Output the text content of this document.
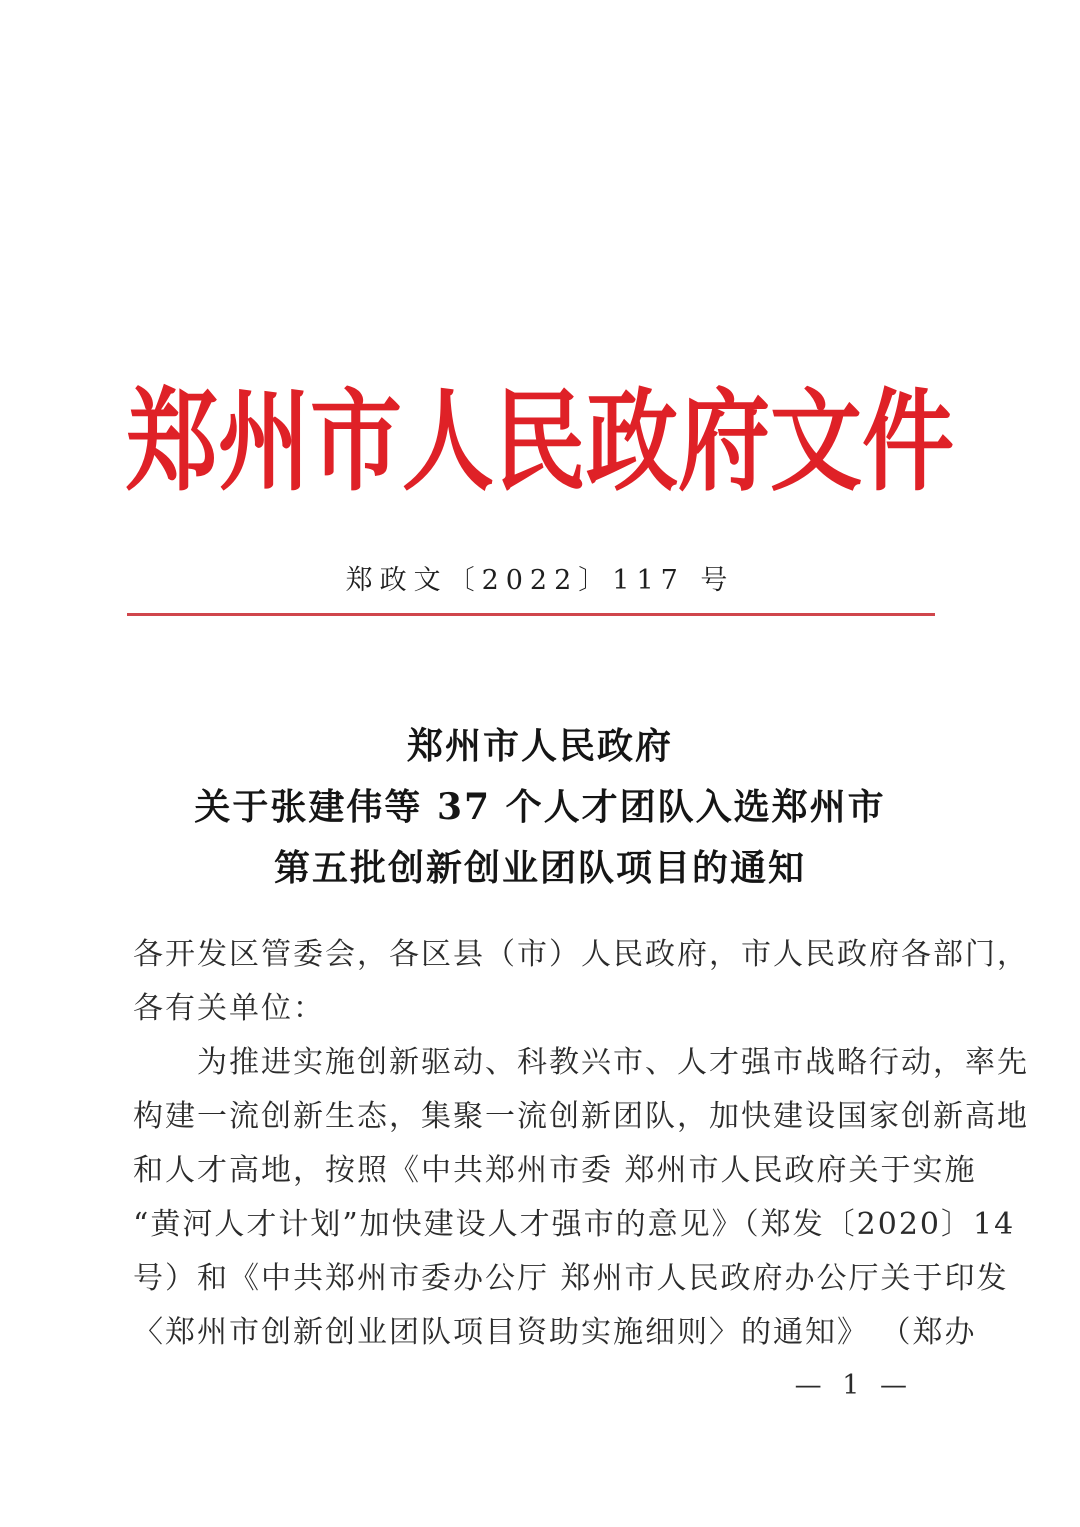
郑州市人民政府文件
郑政文〔2022〕117 号
郑州市人民政府
关于张建伟等 37 个人才团队入选郑州市
第五批创新创业团队项目的通知
各开发区管委会，各区县（市）人民政府，市人民政府各部门，
各有关单位：
为推进实施创新驱动、科教兴市、人才强市战略行动，率先
构建一流创新生态，集聚一流创新团队，加快建设国家创新高地
和人才高地，按照《中共郑州市委 郑州市人民政府关于实施
“黄河人才计划”加快建设人才强市的意见》（郑发〔2020〕14
号）和《中共郑州市委办公厅 郑州市人民政府办公厅关于印发
〈郑州市创新创业团队项目资助实施细则〉的通知》 （郑办
— 1 —
